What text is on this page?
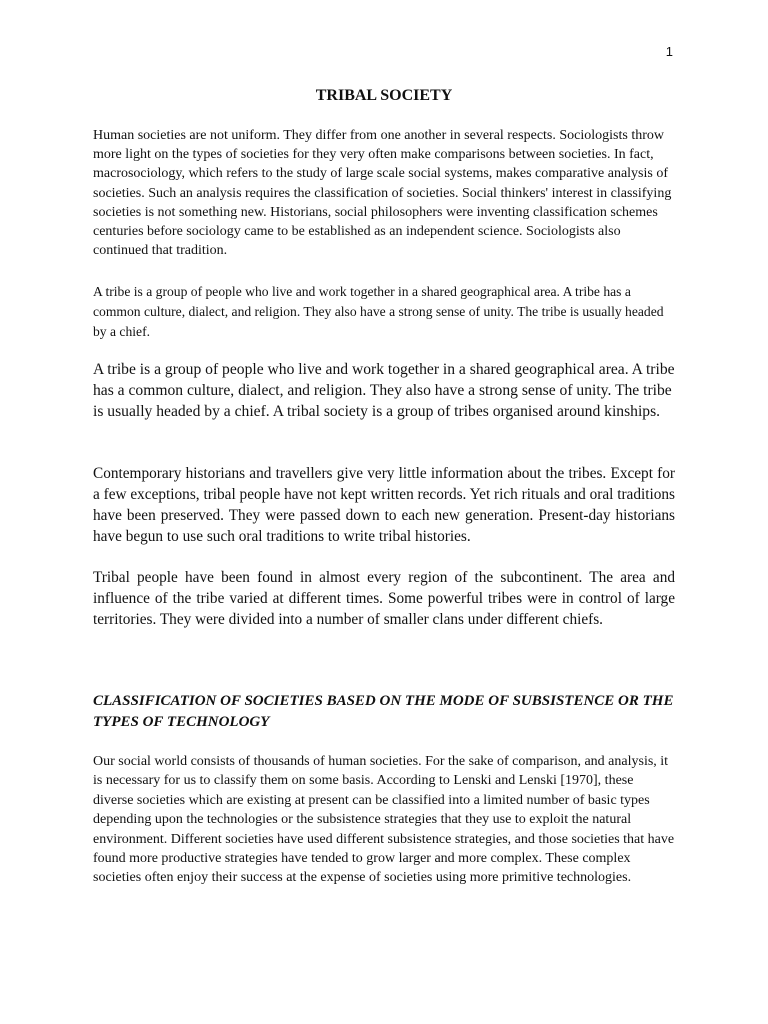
1
TRIBAL SOCIETY

Human societies are not uniform. They differ from one another in several respects. Sociologists throw more light on the types of societies for they very often make comparisons between societies. In fact, macrosociology, which refers to the study of large scale social systems, makes comparative analysis of societies. Such an analysis requires the classification of societies. Social thinkers' interest in classifying societies is not something new. Historians, social philosophers were inventing classification schemes centuries before sociology came to be established as an independent science. Sociologists also continued that tradition.

A tribe is a group of people who live and work together in a shared geographical area. A tribe has a common culture, dialect, and religion. They also have a strong sense of unity. The tribe is usually headed by a chief.

A tribe is a group of people who live and work together in a shared geographical area. A tribe has a common culture, dialect, and religion. They also have a strong sense of unity. The tribe is usually headed by a chief. A tribal society is a group of tribes organised around kinships.

Contemporary historians and travellers give very little information about the tribes. Except for a few exceptions, tribal people have not kept written records. Yet rich rituals and oral traditions have been preserved. They were passed down to each new generation. Present-day historians have begun to use such oral traditions to write tribal histories.

Tribal people have been found in almost every region of the subcontinent. The area and influence of the tribe varied at different times. Some powerful tribes were in control of large territories. They were divided into a number of smaller clans under different chiefs.

CLASSIFICATION OF SOCIETIES BASED ON THE MODE OF SUBSISTENCE OR THE TYPES OF TECHNOLOGY

Our social world consists of thousands of human societies. For the sake of comparison, and analysis, it is necessary for us to classify them on some basis. According to Lenski and Lenski [1970], these diverse societies which are existing at present can be classified into a limited number of basic types depending upon the technologies or the subsistence strategies that they use to exploit the natural environment. Different societies have used different subsistence strategies, and those societies that have found more productive strategies have tended to grow larger and more complex. These complex societies often enjoy their success at the expense of societies using more primitive technologies.
